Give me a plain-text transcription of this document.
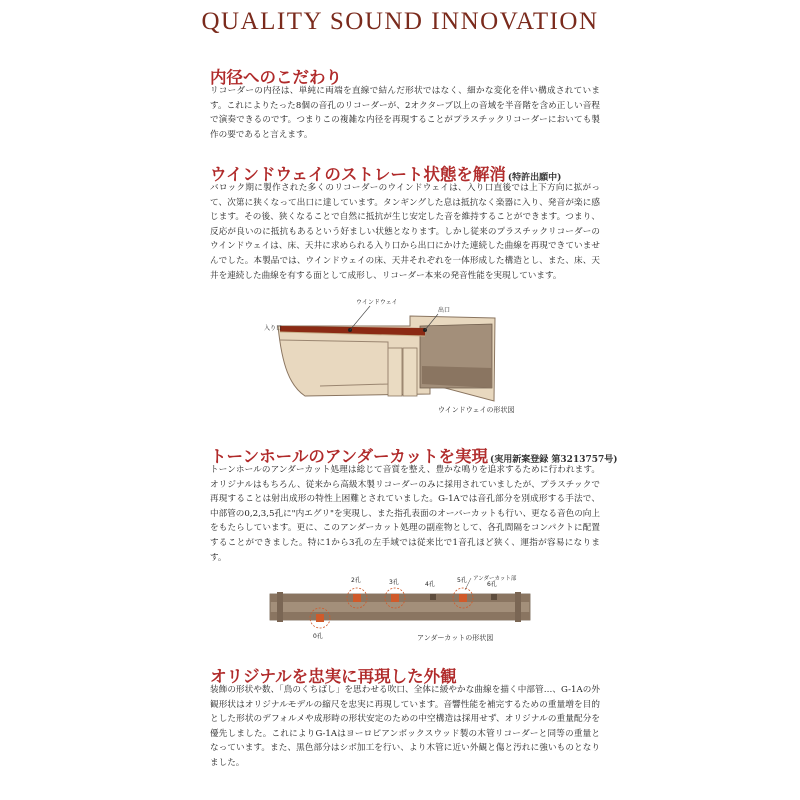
QUALITY SOUND INNOVATION
内径へのこだわり

リコーダーの内径は、単純に両端を直線で結んだ形状ではなく、細かな変化を伴い構成されています。これによりたった8個の音孔のリコーダーが、2オクターブ以上の音域を半音階を含め正しい音程で演奏できるのです。つまりこの複雑な内径を再現することがプラスチックリコーダーにおいても製作の要であると言えます。

ウインドウェイのストレート状態を解消 (特許出願中)

バロック期に製作された多くのリコーダーのウインドウェイは、入り口直後では上下方向に拡がって、次第に狭くなって出口に達しています。タンギングした息は抵抗なく楽器に入り、発音が楽に感じます。その後、狭くなることで自然に抵抗が生じ安定した音を維持することができます。つまり、反応が良いのに抵抗もあるという好ましい状態となります。しかし従来のプラスチックリコーダーのウインドウェイは、床、天井に求められる入り口から出口にかけた連続した曲線を再現できていませんでした。本製品では、ウインドウェイの床、天井それぞれを一体形成した構造とし、また、床、天井を連続した曲線を有する面として成形し、リコーダー本来の発音性能を実現しています。

ウインドウェイ
出口
入り口
ウインドウェイの形状図
トーンホールのアンダーカットを実現 (実用新案登録 第3213757号)

トーンホールのアンダーカット処理は総じて音質を整え、豊かな鳴りを追求するために行われます。オリジナルはもちろん、従来から高級木製リコーダーのみに採用されていましたが、プラスチックで再現することは射出成形の特性上困難とされていました。G-1Aでは音孔部分を別成形する手法で、中部管の0,2,3,5孔に"内エグリ"を実現し、また指孔表面のオーバーカットも行い、更なる音色の向上をもたらしています。更に、このアンダーカット処理の副産物として、各孔間隔をコンパクトに配置することができました。特に1から3孔の左手域では従来比で1音孔ほど狭く、運指が容易になります。

2孔	3孔	4孔
5孔
6孔
0孔
アンダーカット部
アンダーカットの形状図
オリジナルを忠実に再現した外観

装飾の形状や数、「鳥のくちばし」を思わせる吹口、全体に緩やかな曲線を描く中部管…、G-1Aの外観形状はオリジナルモデルの縮尺を忠実に再現しています。音響性能を補完するための重量増を目的とした形状のデフォルメや成形時の形状安定のための中空構造は採用せず、オリジナルの重量配分を優先しました。これによりG-1Aはヨーロピアンボックスウッド製の木管リコーダーと同等の重量となっています。また、黒色部分はシボ加工を行い、より木管に近い外観と傷と汚れに強いものとなりました。
